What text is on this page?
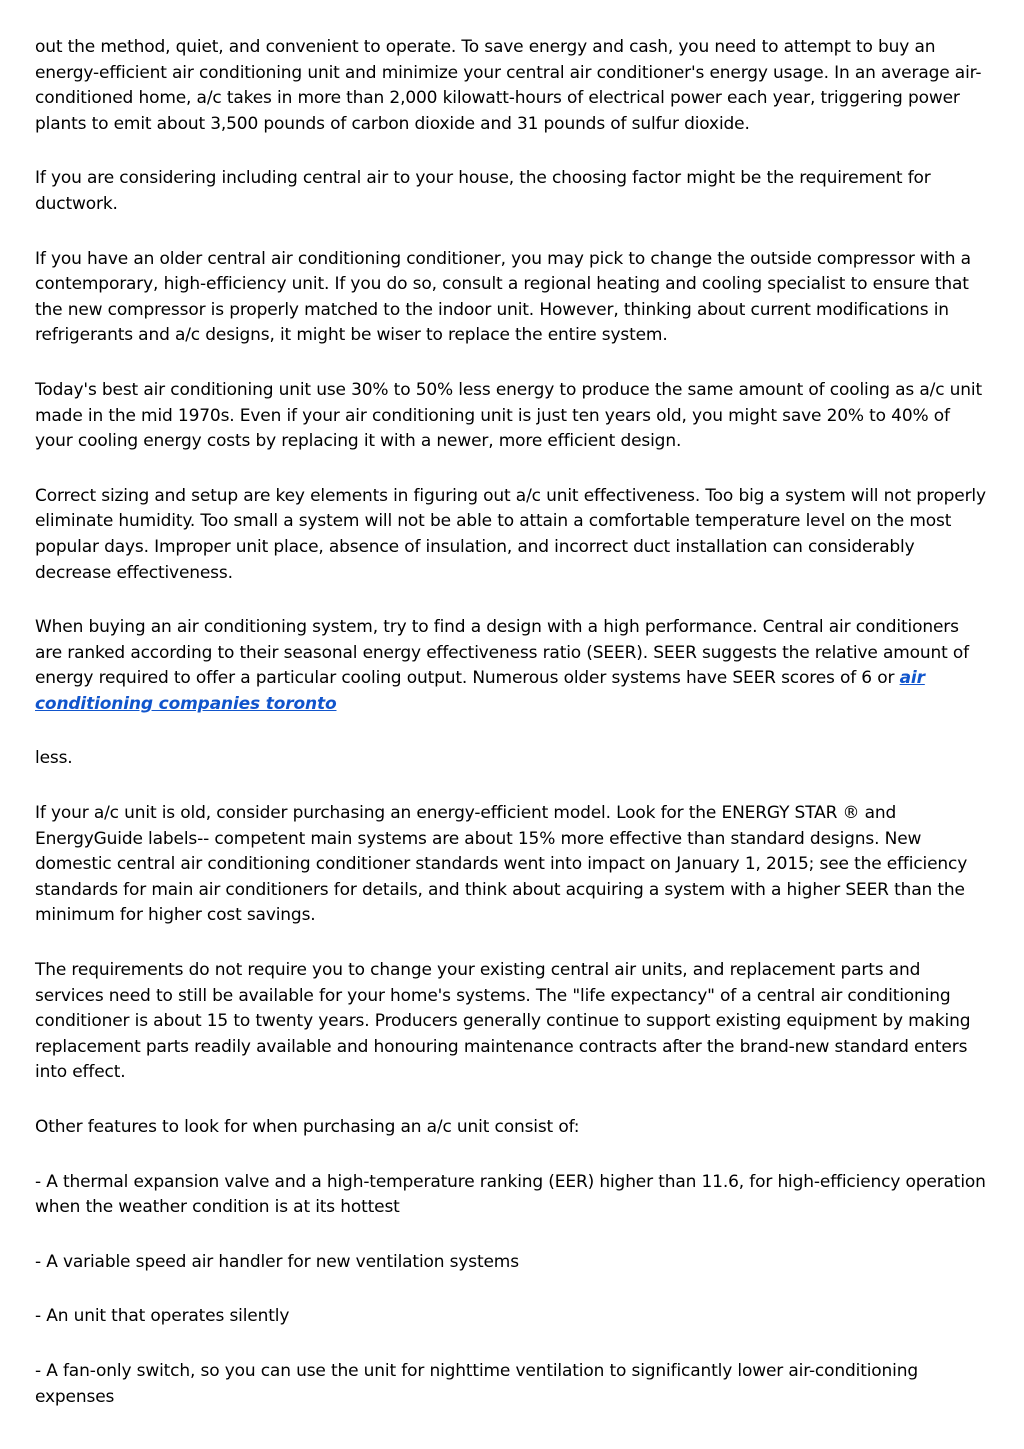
out the method, quiet, and convenient to operate. To save energy and cash, you need to attempt to buy an energy-efficient air conditioning unit and minimize your central air conditioner's energy usage. In an average air-conditioned home, a/c takes in more than 2,000 kilowatt-hours of electrical power each year, triggering power plants to emit about 3,500 pounds of carbon dioxide and 31 pounds of sulfur dioxide.

If you are considering including central air to your house, the choosing factor might be the requirement for ductwork.

If you have an older central air conditioning conditioner, you may pick to change the outside compressor with a contemporary, high-efficiency unit. If you do so, consult a regional heating and cooling specialist to ensure that the new compressor is properly matched to the indoor unit. However, thinking about current modifications in refrigerants and a/c designs, it might be wiser to replace the entire system.

Today's best air conditioning unit use 30% to 50% less energy to produce the same amount of cooling as a/c unit made in the mid 1970s. Even if your air conditioning unit is just ten years old, you might save 20% to 40% of your cooling energy costs by replacing it with a newer, more efficient design.

Correct sizing and setup are key elements in figuring out a/c unit effectiveness. Too big a system will not properly eliminate humidity. Too small a system will not be able to attain a comfortable temperature level on the most popular days. Improper unit place, absence of insulation, and incorrect duct installation can considerably decrease effectiveness.

When buying an air conditioning system, try to find a design with a high performance. Central air conditioners are ranked according to their seasonal energy effectiveness ratio (SEER). SEER suggests the relative amount of energy required to offer a particular cooling output. Numerous older systems have SEER scores of 6 or air conditioning companies toronto

less.

If your a/c unit is old, consider purchasing an energy-efficient model. Look for the ENERGY STAR ® and EnergyGuide labels-- competent main systems are about 15% more effective than standard designs. New domestic central air conditioning conditioner standards went into impact on January 1, 2015; see the efficiency standards for main air conditioners for details, and think about acquiring a system with a higher SEER than the minimum for higher cost savings.

The requirements do not require you to change your existing central air units, and replacement parts and services need to still be available for your home's systems. The "life expectancy" of a central air conditioning conditioner is about 15 to twenty years. Producers generally continue to support existing equipment by making replacement parts readily available and honouring maintenance contracts after the brand-new standard enters into effect.

Other features to look for when purchasing an a/c unit consist of:

- A thermal expansion valve and a high-temperature ranking (EER) higher than 11.6, for high-efficiency operation when the weather condition is at its hottest

- A variable speed air handler for new ventilation systems

- An unit that operates silently

- A fan-only switch, so you can use the unit for nighttime ventilation to significantly lower air-conditioning expenses
